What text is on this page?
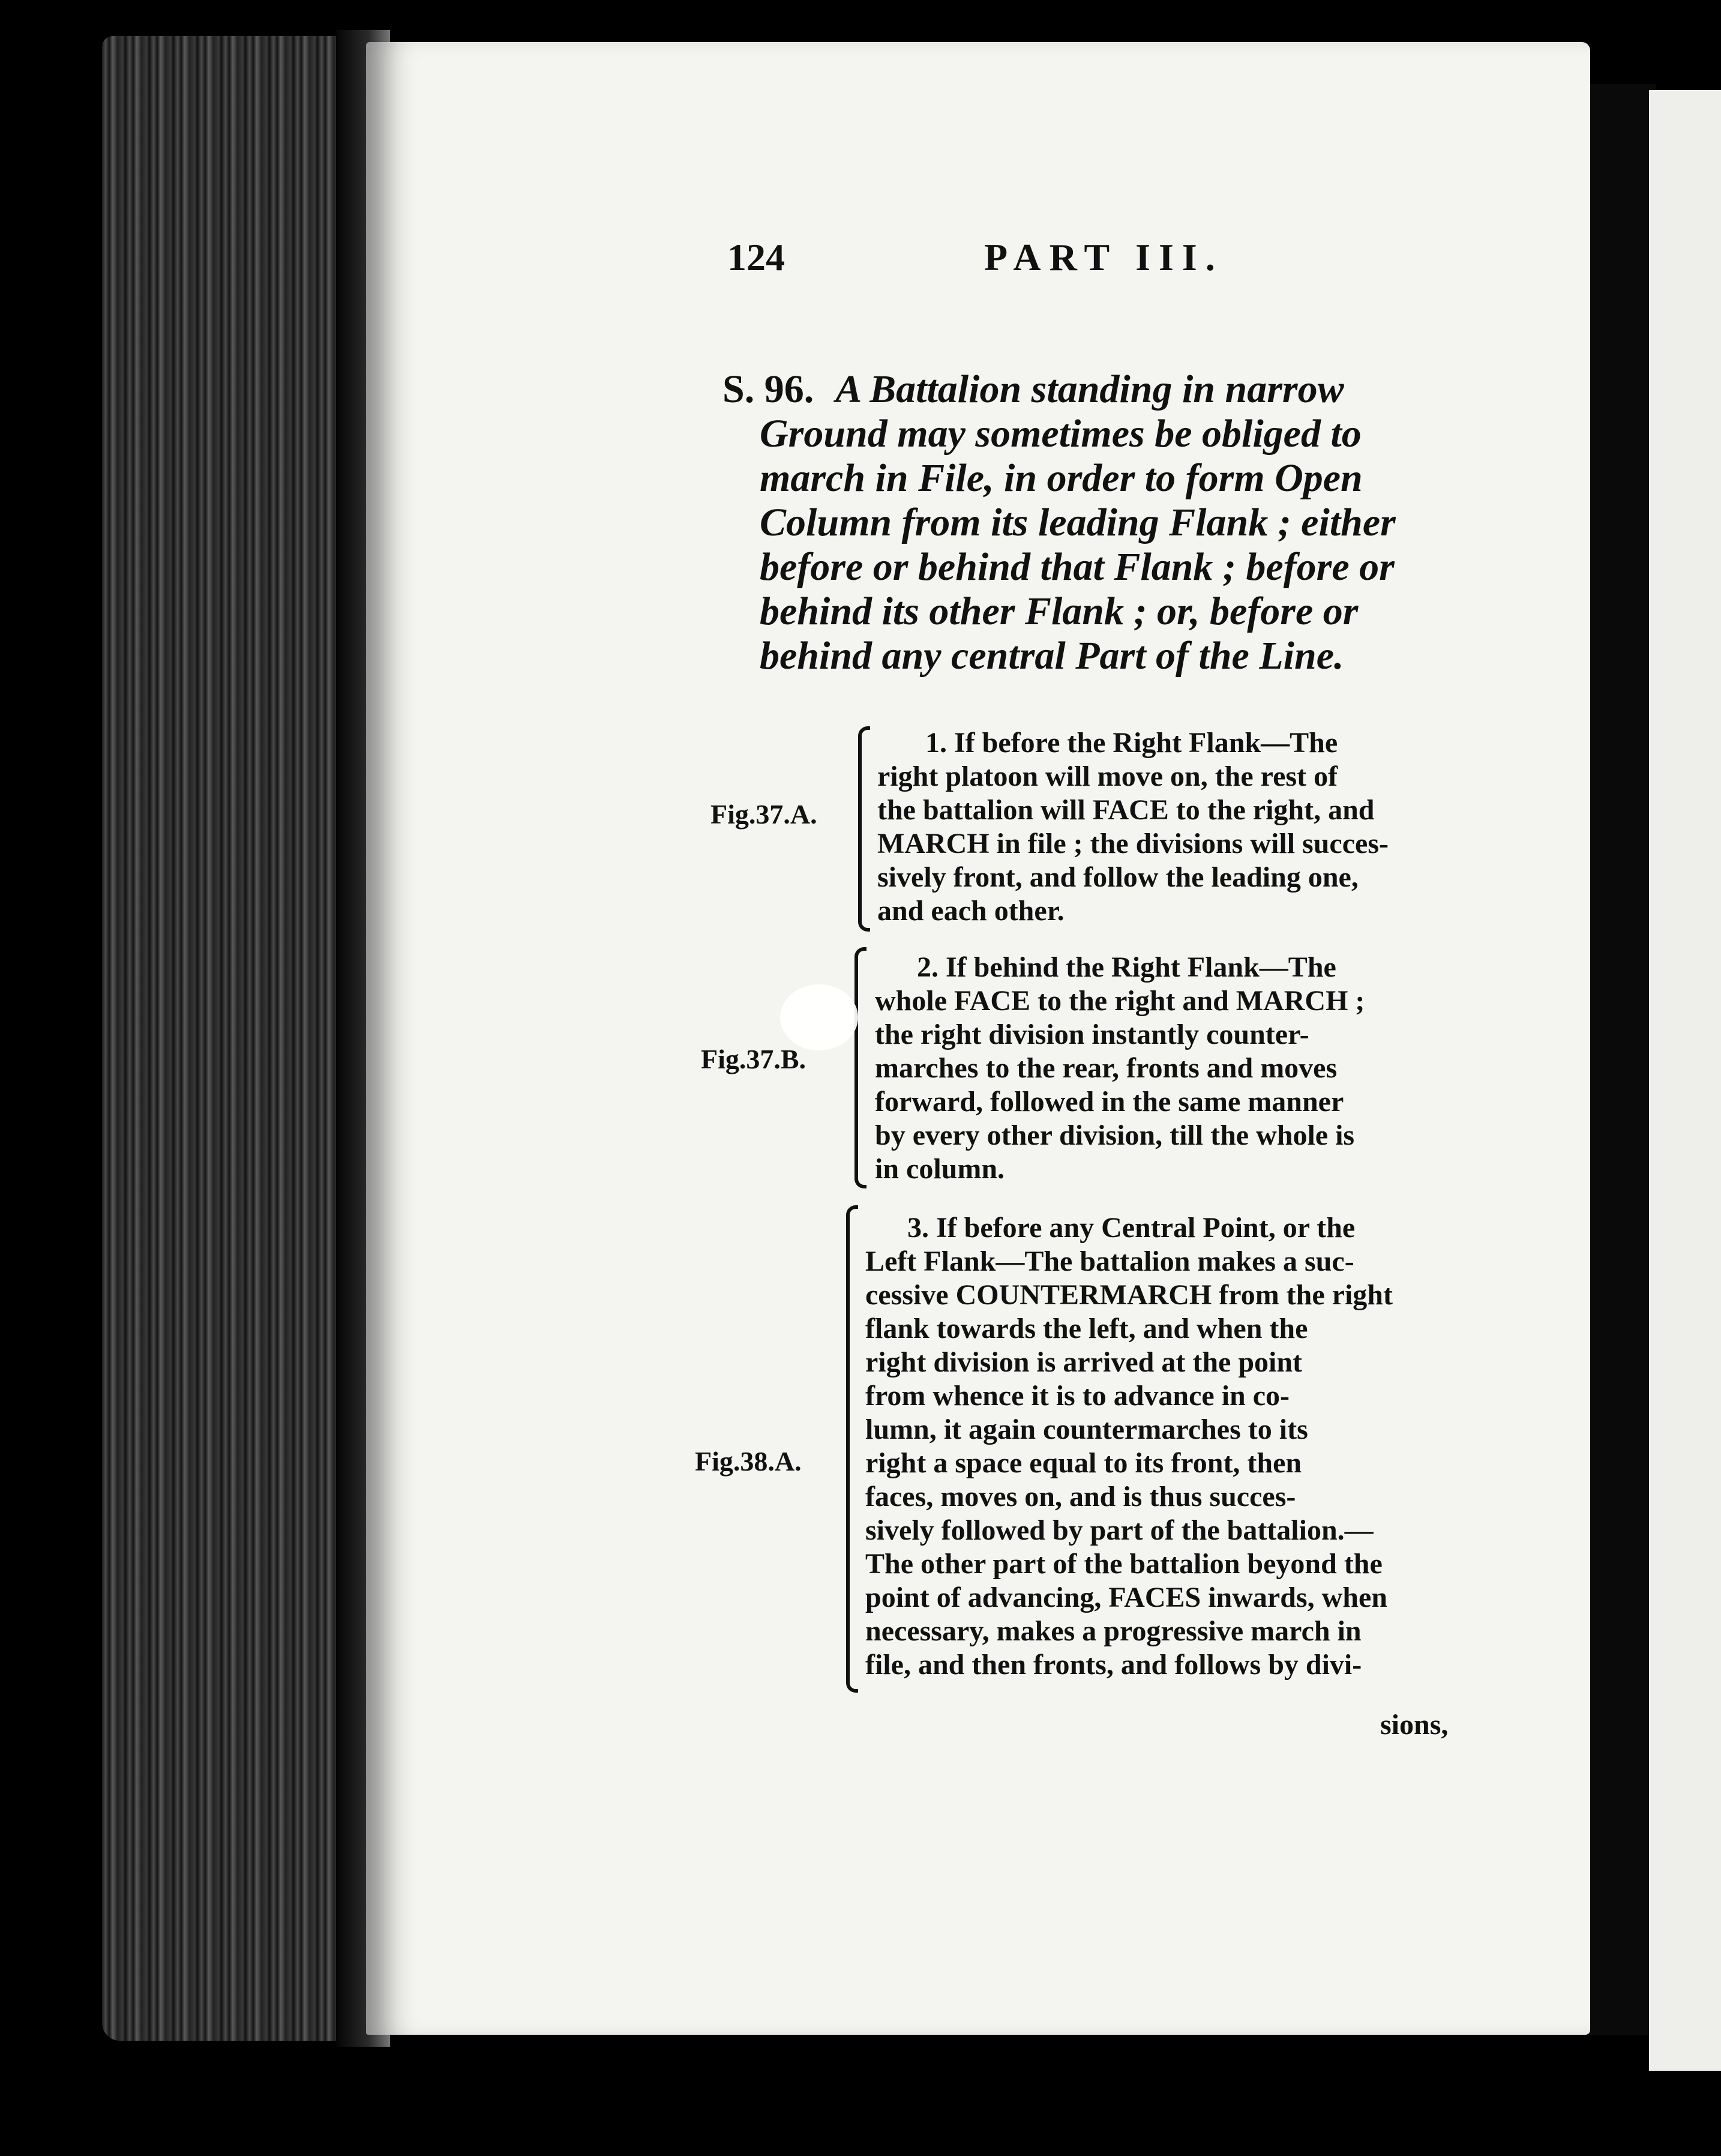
124	PART III.
S. 96. A Battalion standing in narrow
Ground may sometimes be obliged to
march in File, in order to form Open
Column from its leading Flank ; either
before or behind that Flank ; before or
behind its other Flank ; or, before or
behind any central Part of the Line.
Fig.37.A.
1. If before the Right Flank—The
right platoon will move on, the rest of
the battalion will FACE to the right, and
MARCH in file ; the divisions will succes-
sively front, and follow the leading one,
and each other.
Fig.37.B.
2. If behind the Right Flank—The
whole FACE to the right and MARCH ;
the right division instantly counter-
marches to the rear, fronts and moves
forward, followed in the same manner
by every other division, till the whole is
in column.
Fig.38.A.
3. If before any Central Point, or the
Left Flank—The battalion makes a suc-
cessive COUNTERMARCH from the right
flank towards the left, and when the
right division is arrived at the point
from whence it is to advance in co-
lumn, it again countermarches to its
right a space equal to its front, then
faces, moves on, and is thus succes-
sively followed by part of the battalion.—
The other part of the battalion beyond the
point of advancing, FACES inwards, when
necessary, makes a progressive march in
file, and then fronts, and follows by divi-
sions,
